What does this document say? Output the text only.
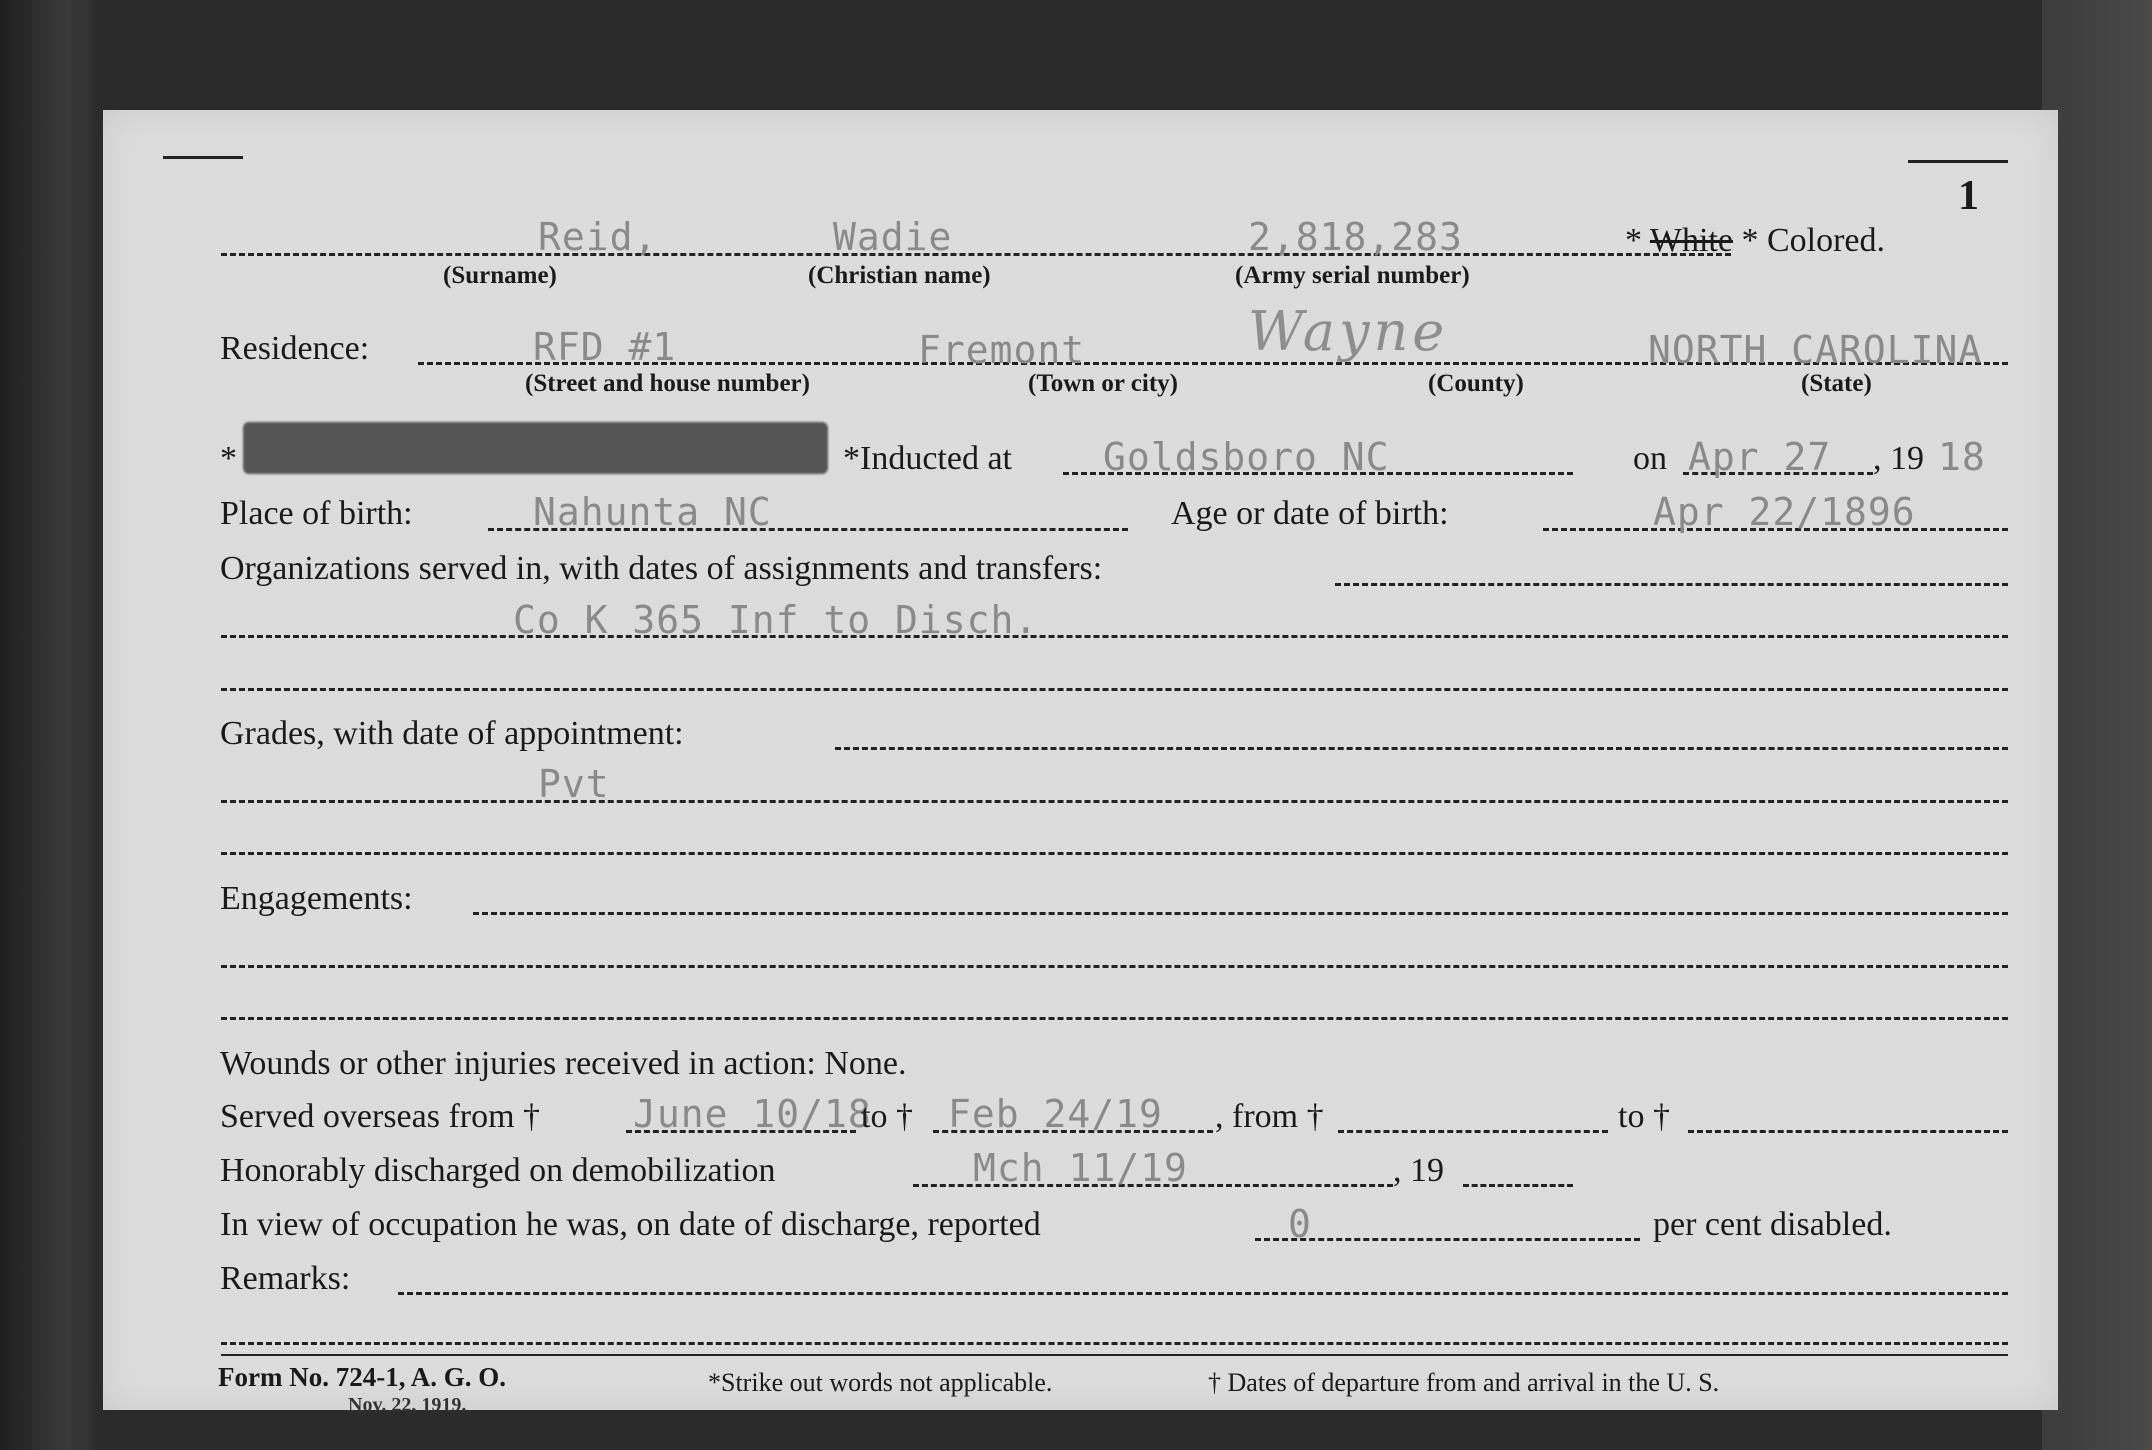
1
Reid,	Wadie	2,818,283	* White * Colored.
(Surname)	(Christian name)	(Army serial number)
Residence:	RFD #1	Fremont	Wayne	NORTH CAROLINA
(Street and house number)	(Town or city)	(County)	(State)
*	*Inducted at Goldsboro NC	on Apr 27 , 19 18
Place of birth:	Nahunta NC	Age or date of birth:	Apr 22/1896
Organizations served in, with dates of assignments and transfers:
Co K 365 Inf to Disch.
Grades, with date of appointment:
Pvt
Engagements:
Wounds or other injuries received in action: None.
Served overseas from † June 10/18
to † Feb 24/19 , from †	to †
Honorably discharged on demobilization	Mch 11/19	, 19
In view of occupation he was, on date of discharge, reported	0	per cent disabled.
Remarks:
Form No. 724-1, A. G. O.
Nov. 22, 1919.
*Strike out words not applicable.	† Dates of departure from and arrival in the U. S.
